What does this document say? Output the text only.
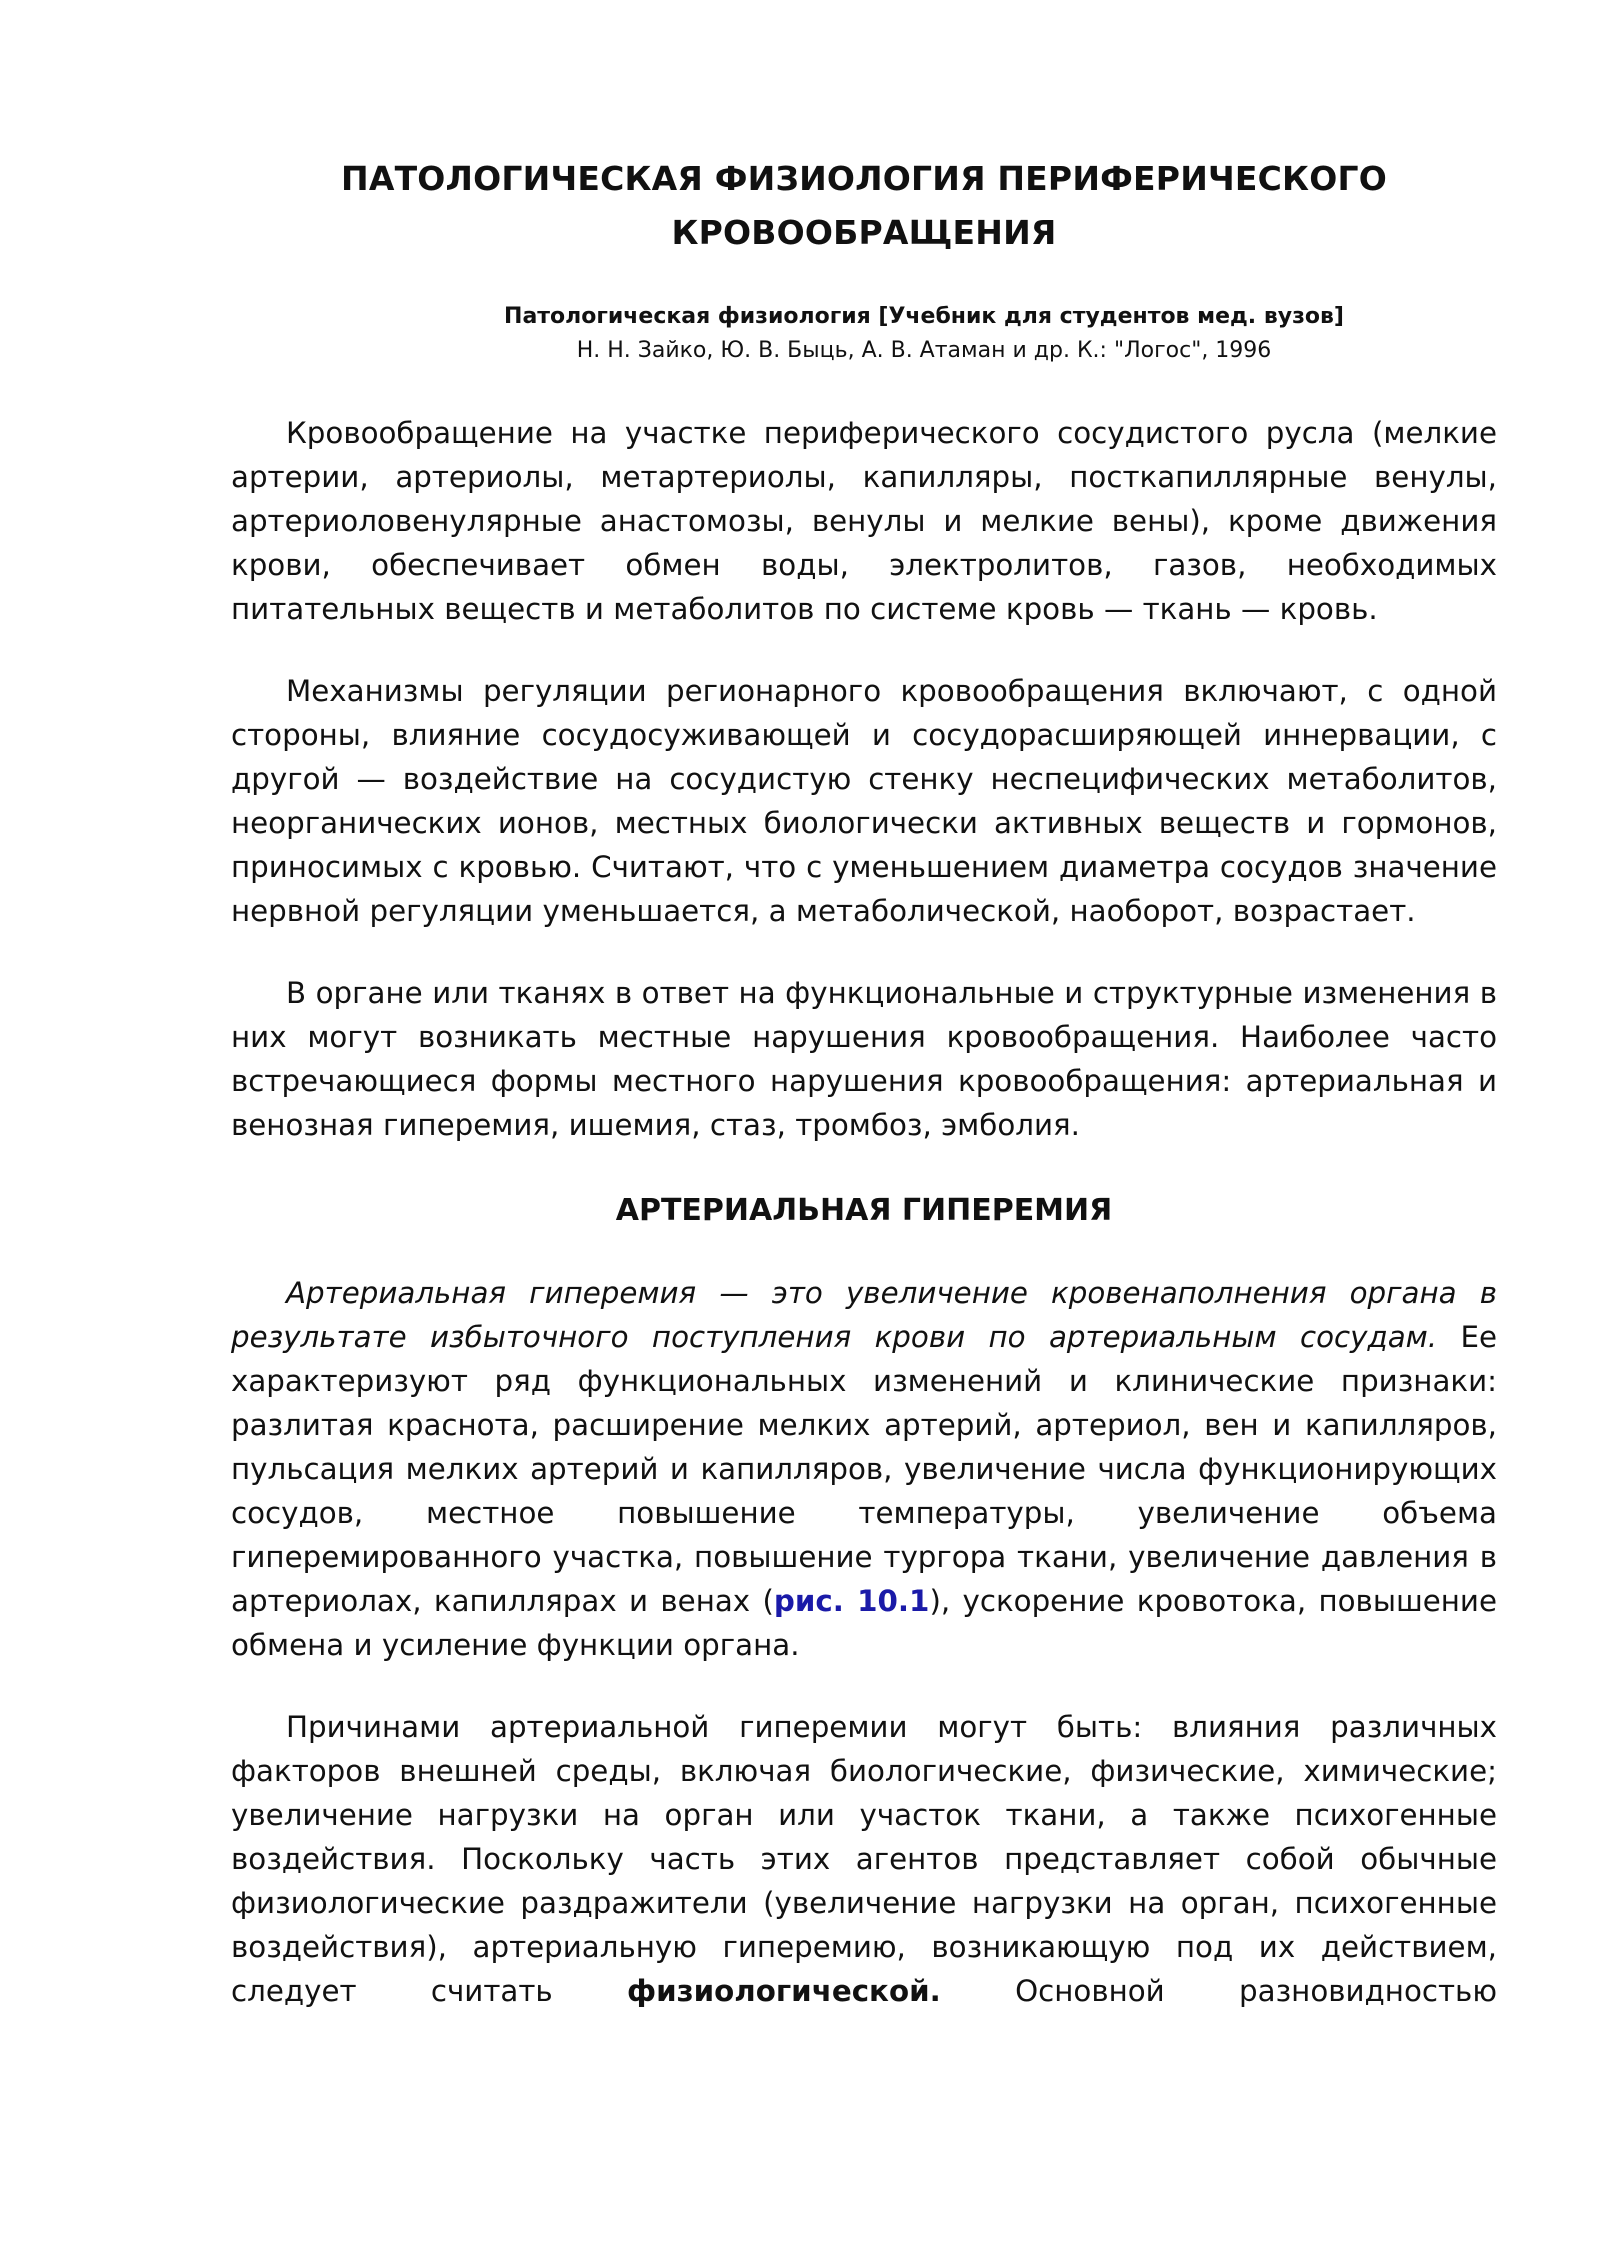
ПАТОЛОГИЧЕСКАЯ ФИЗИОЛОГИЯ ПЕРИФЕРИЧЕСКОГО
КРОВООБРАЩЕНИЯ
Патологическая физиология [Учебник для студентов мед. вузов]
Н. Н. Зайко, Ю. В. Быць, А. В. Атаман и др. К.: "Логос", 1996

Кровообращение на участке периферического сосудистого русла (мелкие артерии, артериолы, метартериолы, капилляры, посткапиллярные венулы, артериоловенулярные анастомозы, венулы и мелкие вены), кроме движения крови, обеспечивает обмен воды, электролитов, газов, необходимых питательных веществ и метаболитов по системе кровь — ткань — кровь.

Механизмы регуляции регионарного кровообращения включают, с одной стороны, влияние сосудосуживающей и сосудорасширяющей иннервации, с другой — воздействие на сосудистую стенку неспецифических метаболитов, неорганических ионов, местных биологически активных веществ и гормонов, приносимых с кровью. Считают, что с уменьшением диаметра сосудов значение нервной регуляции уменьшается, а метаболической, наоборот, возрастает.

В органе или тканях в ответ на функциональные и структурные изменения в них могут возникать местные нарушения кровообращения. Наиболее часто встречающиеся формы местного нарушения кровообращения: артериальная и венозная гиперемия, ишемия, стаз, тромбоз, эмболия.

АРТЕРИАЛЬНАЯ ГИПЕРЕМИЯ

Артериальная гиперемия — это увеличение кровенаполнения органа в результате избыточного поступления крови по артериальным сосудам. Ее характеризуют ряд функциональных изменений и клинические признаки: разлитая краснота, расширение мелких артерий, артериол, вен и капилляров, пульсация мелких артерий и капилляров, увеличение числа функционирующих сосудов, местное повышение температуры, увеличение объема гиперемированного участка, повышение тургора ткани, увеличение давления в артериолах, капиллярах и венах (рис. 10.1), ускорение кровотока, повышение обмена и усиление функции органа.

Причинами артериальной гиперемии могут быть: влияния различных факторов внешней среды, включая биологические, физические, химические; увеличение нагрузки на орган или участок ткани, а также психогенные воздействия. Поскольку часть этих агентов представляет собой обычные физиологические раздражители (увеличение нагрузки на орган, психогенные воздействия), артериальную гиперемию, возникающую под их действием, следует считать физиологической. Основной разновидностью
